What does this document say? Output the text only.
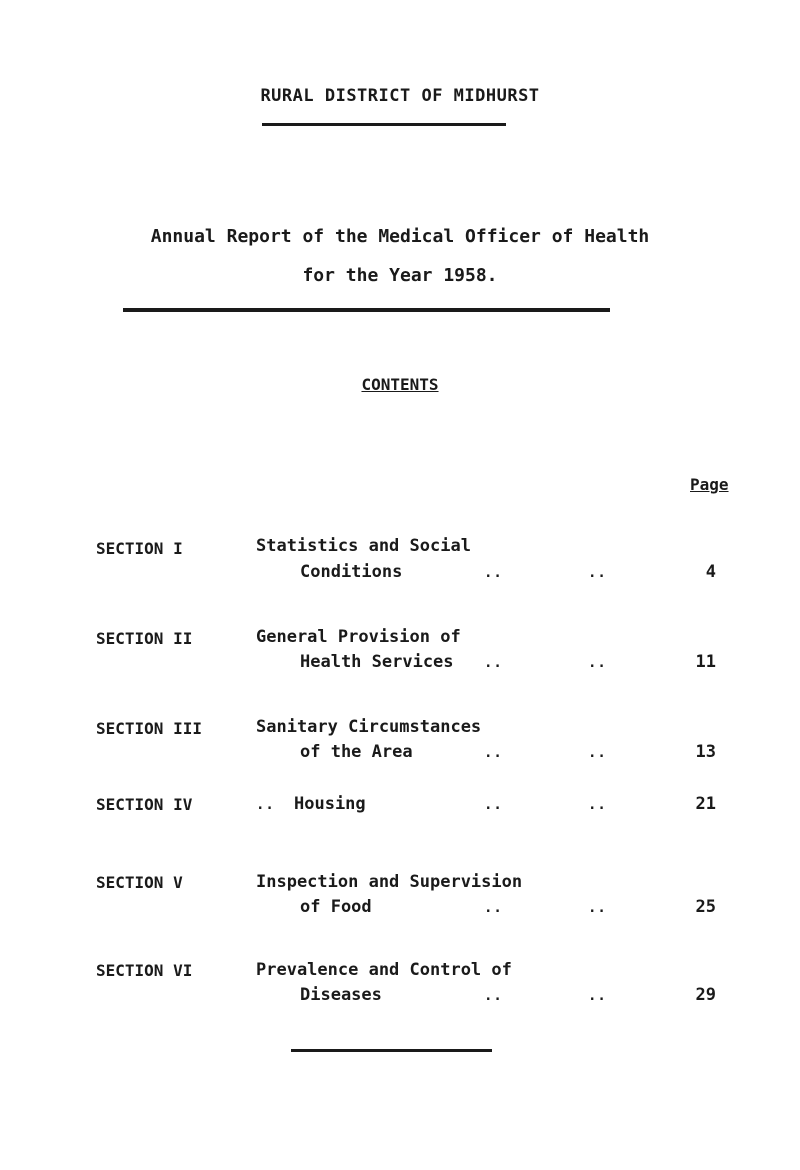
RURAL DISTRICT OF MIDHURST
Annual Report of the Medical Officer of Health
for the Year 1958.
CONTENTS
Page
SECTION I	Statistics and Social
Conditions	..	..	4
SECTION II	General Provision of
Health Services ..	..	11
SECTION III	Sanitary Circumstances
of the Area	..	..	13
SECTION IV	.. Housing	..	..	21
SECTION V	Inspection and Supervision
of Food	..	..	25
SECTION VI	Prevalence and Control of
Diseases	..	..	29
